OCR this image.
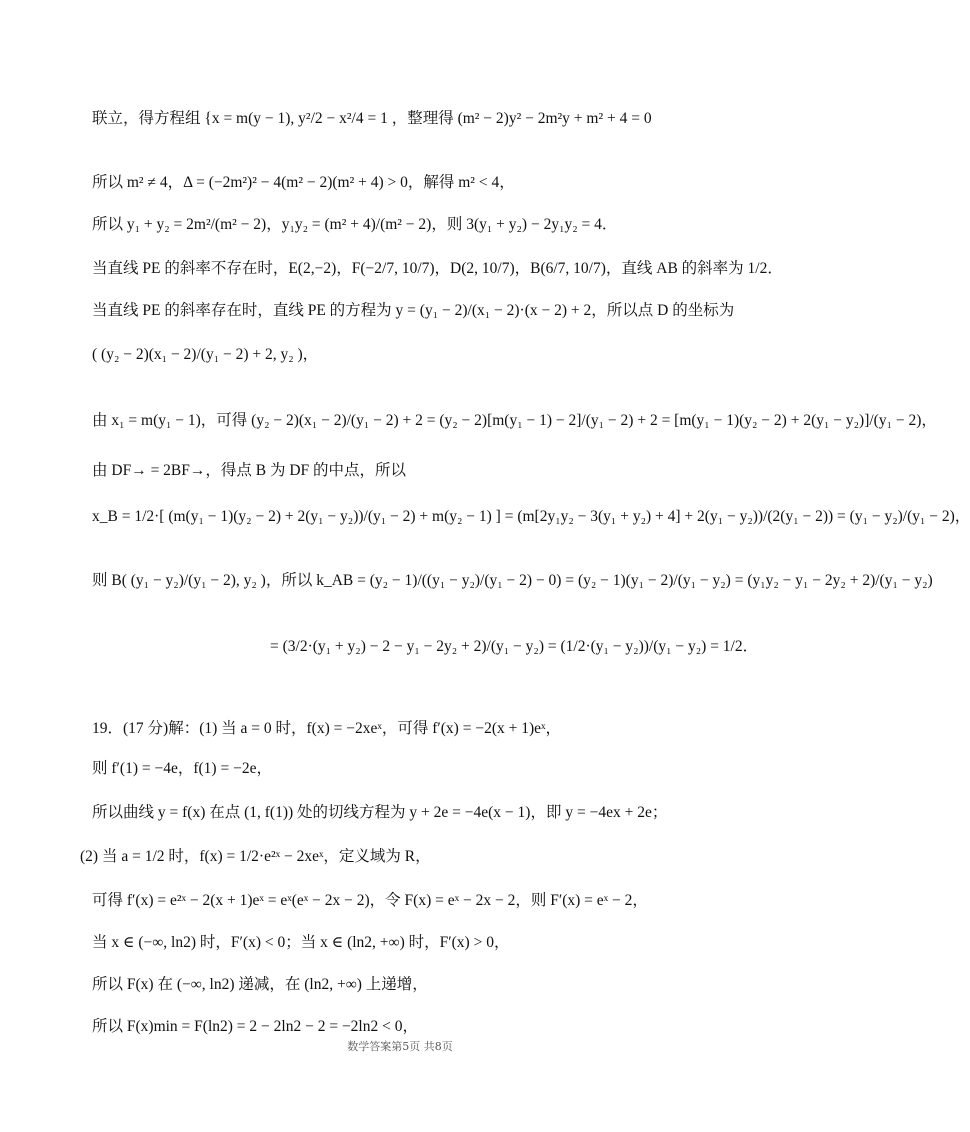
联立，得方程组 {x = m(y − 1), y²/2 − x²/4 = 1 ，整理得 (m² − 2)y² − 2m²y + m² + 4 = 0
所以 m² ≠ 4，Δ = (−2m²)² − 4(m² − 2)(m² + 4) > 0，解得 m² < 4，
所以 y₁ + y₂ = 2m²/(m² − 2)，y₁y₂ = (m² + 4)/(m² − 2)，则 3(y₁ + y₂) − 2y₁y₂ = 4．
当直线 PE 的斜率不存在时，E(2,−2)，F(−2/7, 10/7)，D(2, 10/7)，B(6/7, 10/7)，直线 AB 的斜率为 1/2．
当直线 PE 的斜率存在时，直线 PE 的方程为 y = (y₁ − 2)/(x₁ − 2)·(x − 2) + 2，所以点 D 的坐标为
( (y₂ − 2)(x₁ − 2)/(y₁ − 2) + 2, y₂ )，
由 x₁ = m(y₁ − 1)，可得 (y₂ − 2)(x₁ − 2)/(y₁ − 2) + 2 = (y₂ − 2)[m(y₁ − 1) − 2]/(y₁ − 2) + 2 = [m(y₁ − 1)(y₂ − 2) + 2(y₁ − y₂)]/(y₁ − 2)，
由 DF→ = 2BF→，得点 B 为 DF 的中点，所以
x_B = 1/2·[ (m(y₁ − 1)(y₂ − 2) + 2(y₁ − y₂))/(y₁ − 2) + m(y₂ − 1) ] = (m[2y₁y₂ − 3(y₁ + y₂) + 4] + 2(y₁ − y₂))/(2(y₁ − 2)) = (y₁ − y₂)/(y₁ − 2)，
则 B( (y₁ − y₂)/(y₁ − 2), y₂ )，所以 k_AB = (y₂ − 1)/((y₁ − y₂)/(y₁ − 2) − 0) = (y₂ − 1)(y₁ − 2)/(y₁ − y₂) = (y₁y₂ − y₁ − 2y₂ + 2)/(y₁ − y₂)
= (3/2·(y₁ + y₂) − 2 − y₁ − 2y₂ + 2)/(y₁ − y₂) = (1/2·(y₁ − y₂))/(y₁ − y₂) = 1/2．
19．(17 分)解：(1) 当 a = 0 时，f(x) = −2xeˣ，可得 f′(x) = −2(x + 1)eˣ，
则 f′(1) = −4e，f(1) = −2e，
所以曲线 y = f(x) 在点 (1, f(1)) 处的切线方程为 y + 2e = −4e(x − 1)，即 y = −4ex + 2e；
(2) 当 a = 1/2 时，f(x) = 1/2·e²ˣ − 2xeˣ，定义域为 R，
可得 f′(x) = e²ˣ − 2(x + 1)eˣ = eˣ(eˣ − 2x − 2)，令 F(x) = eˣ − 2x − 2，则 F′(x) = eˣ − 2，
当 x ∈ (−∞, ln2) 时，F′(x) < 0；当 x ∈ (ln2, +∞) 时，F′(x) > 0，
所以 F(x) 在 (−∞, ln2) 递减，在 (ln2, +∞) 上递增，
所以 F(x)min = F(ln2) = 2 − 2ln2 − 2 = −2ln2 < 0，
数学答案第5页 共8页
